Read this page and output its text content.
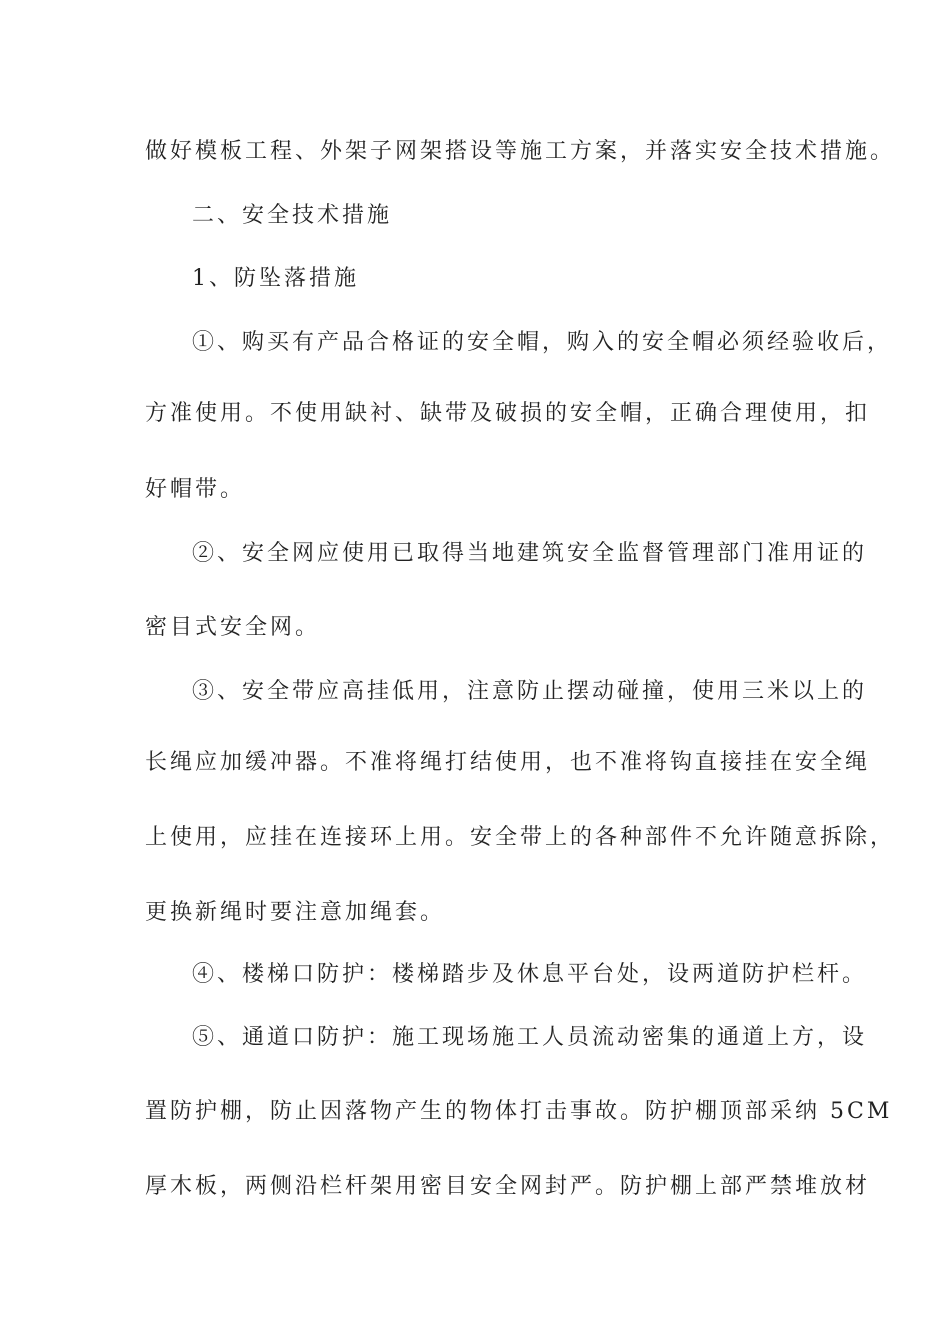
做好模板工程、外架子网架搭设等施工方案，并落实安全技术措施。
二、安全技术措施
1、防坠落措施
①、购买有产品合格证的安全帽，购入的安全帽必须经验收后，
方准使用。不使用缺衬、缺带及破损的安全帽，正确合理使用，扣
好帽带。
②、安全网应使用已取得当地建筑安全监督管理部门准用证的
密目式安全网。
③、安全带应高挂低用，注意防止摆动碰撞，使用三米以上的
长绳应加缓冲器。不准将绳打结使用，也不准将钩直接挂在安全绳
上使用，应挂在连接环上用。安全带上的各种部件不允许随意拆除，
更换新绳时要注意加绳套。
④、楼梯口防护：楼梯踏步及休息平台处，设两道防护栏杆。
⑤、通道口防护：施工现场施工人员流动密集的通道上方，设
置防护棚，防止因落物产生的物体打击事故。防护棚顶部采纳 5CM
厚木板，两侧沿栏杆架用密目安全网封严。防护棚上部严禁堆放材
